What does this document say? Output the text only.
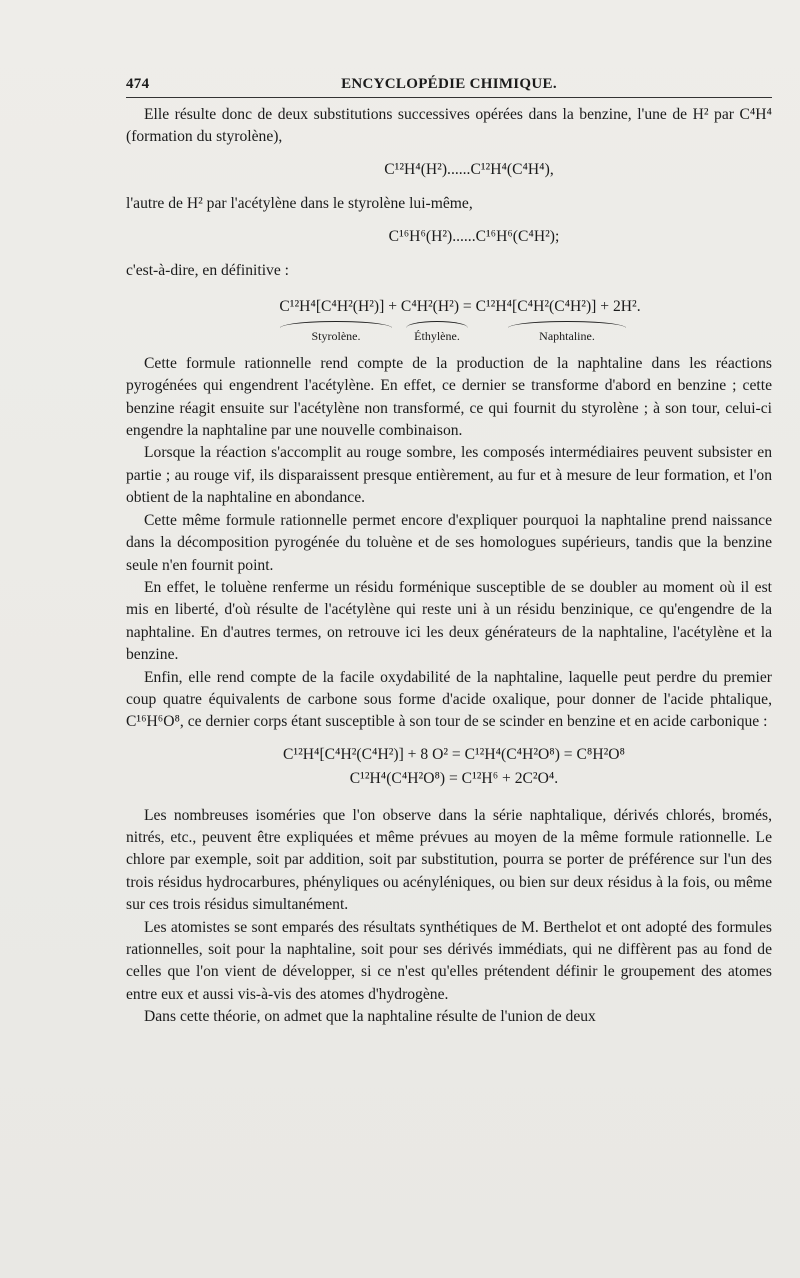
474	ENCYCLOPÉDIE CHIMIQUE.

Elle résulte donc de deux substitutions successives opérées dans la benzine, l'une de H² par C⁴H⁴ (formation du styrolène),

C¹²H⁴(H²)......C¹²H⁴(C⁴H⁴),

l'autre de H² par l'acétylène dans le styrolène lui-même,

C¹⁶H⁶(H²)......C¹⁶H⁶(C⁴H²);

c'est-à-dire, en définitive :

C¹²H⁴[C⁴H²(H²)] + C⁴H²(H²) = C¹²H⁴[C⁴H²(C⁴H²)] + 2H².

Styrolène.	Éthylène.	Naphtaline.

Cette formule rationnelle rend compte de la production de la naphtaline dans les réactions pyrogénées qui engendrent l'acétylène. En effet, ce dernier se transforme d'abord en benzine ; cette benzine réagit ensuite sur l'acétylène non transformé, ce qui fournit du styrolène ; à son tour, celui-ci engendre la naphtaline par une nouvelle combinaison.

Lorsque la réaction s'accomplit au rouge sombre, les composés intermédiaires peuvent subsister en partie ; au rouge vif, ils disparaissent presque entièrement, au fur et à mesure de leur formation, et l'on obtient de la naphtaline en abondance.

Cette même formule rationnelle permet encore d'expliquer pourquoi la naphtaline prend naissance dans la décomposition pyrogénée du toluène et de ses homologues supérieurs, tandis que la benzine seule n'en fournit point.

En effet, le toluène renferme un résidu forménique susceptible de se doubler au moment où il est mis en liberté, d'où résulte de l'acétylène qui reste uni à un résidu benzinique, ce qu'engendre de la naphtaline. En d'autres termes, on retrouve ici les deux générateurs de la naphtaline, l'acétylène et la benzine.

Enfin, elle rend compte de la facile oxydabilité de la naphtaline, laquelle peut perdre du premier coup quatre équivalents de carbone sous forme d'acide oxalique, pour donner de l'acide phtalique, C¹⁶H⁶O⁸, ce dernier corps étant susceptible à son tour de se scinder en benzine et en acide carbonique :

C¹²H⁴[C⁴H²(C⁴H²)] + 8 O² = C¹²H⁴(C⁴H²O⁸) = C⁸H²O⁸

C¹²H⁴(C⁴H²O⁸) = C¹²H⁶ + 2C²O⁴.

Les nombreuses isoméries que l'on observe dans la série naphtalique, dérivés chlorés, bromés, nitrés, etc., peuvent être expliquées et même prévues au moyen de la même formule rationnelle. Le chlore par exemple, soit par addition, soit par substitution, pourra se porter de préférence sur l'un des trois résidus hydrocarbures, phényliques ou acényléniques, ou bien sur deux résidus à la fois, ou même sur ces trois résidus simultanément.

Les atomistes se sont emparés des résultats synthétiques de M. Berthelot et ont adopté des formules rationnelles, soit pour la naphtaline, soit pour ses dérivés immédiats, qui ne diffèrent pas au fond de celles que l'on vient de développer, si ce n'est qu'elles prétendent définir le groupement des atomes entre eux et aussi vis-à-vis des atomes d'hydrogène.

Dans cette théorie, on admet que la naphtaline résulte de l'union de deux
